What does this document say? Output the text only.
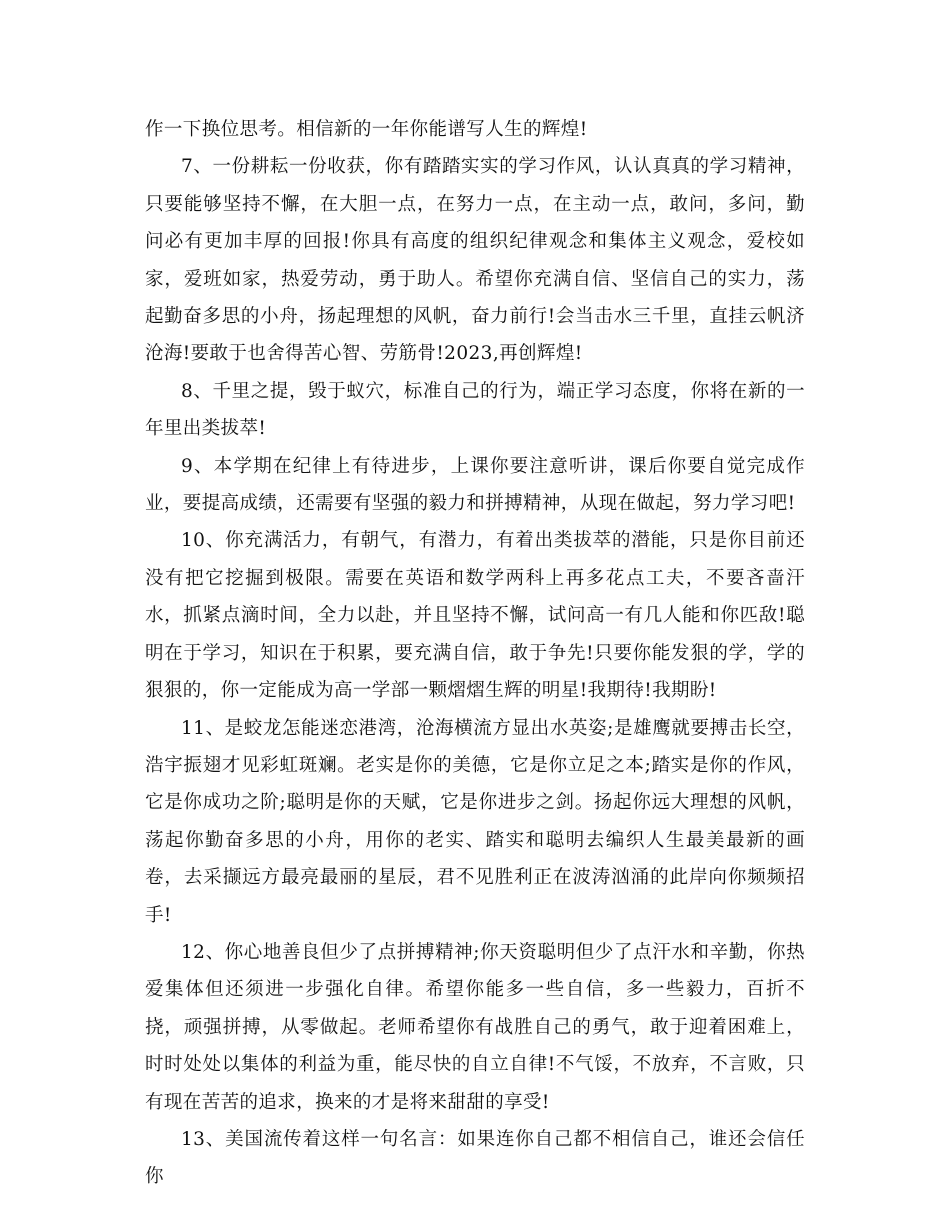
作一下换位思考。相信新的一年你能谱写人生的辉煌!

7、一份耕耘一份收获，你有踏踏实实的学习作风，认认真真的学习精神，只要能够坚持不懈，在大胆一点，在努力一点，在主动一点，敢问，多问，勤问必有更加丰厚的回报!你具有高度的组织纪律观念和集体主义观念，爱校如家，爱班如家，热爱劳动，勇于助人。希望你充满自信、坚信自己的实力，荡起勤奋多思的小舟，扬起理想的风帆，奋力前行!会当击水三千里，直挂云帆济沧海!要敢于也舍得苦心智、劳筋骨!2023,再创辉煌!

8、千里之提，毁于蚁穴，标准自己的行为，端正学习态度，你将在新的一年里出类拔萃!

9、本学期在纪律上有待进步，上课你要注意听讲，课后你要自觉完成作业，要提高成绩，还需要有坚强的毅力和拼搏精神，从现在做起，努力学习吧!

10、你充满活力，有朝气，有潜力，有着出类拔萃的潜能，只是你目前还没有把它挖掘到极限。需要在英语和数学两科上再多花点工夫，不要吝啬汗水，抓紧点滴时间，全力以赴，并且坚持不懈，试问高一有几人能和你匹敌!聪明在于学习，知识在于积累，要充满自信，敢于争先!只要你能发狠的学，学的狠狠的，你一定能成为高一学部一颗熠熠生辉的明星!我期待!我期盼!

11、是蛟龙怎能迷恋港湾，沧海横流方显出水英姿;是雄鹰就要搏击长空，浩宇振翅才见彩虹斑斓。老实是你的美德，它是你立足之本;踏实是你的作风，它是你成功之阶;聪明是你的天赋，它是你进步之剑。扬起你远大理想的风帆，荡起你勤奋多思的小舟，用你的老实、踏实和聪明去编织人生最美最新的画卷，去采撷远方最亮最丽的星辰，君不见胜利正在波涛汹涌的此岸向你频频招手!

12、你心地善良但少了点拼搏精神;你天资聪明但少了点汗水和辛勤，你热爱集体但还须进一步强化自律。希望你能多一些自信，多一些毅力，百折不挠，顽强拼搏，从零做起。老师希望你有战胜自己的勇气，敢于迎着困难上，时时处处以集体的利益为重，能尽快的自立自律!不气馁，不放弃，不言败，只有现在苦苦的追求，换来的才是将来甜甜的享受!

13、美国流传着这样一句名言：如果连你自己都不相信自己，谁还会信任你
